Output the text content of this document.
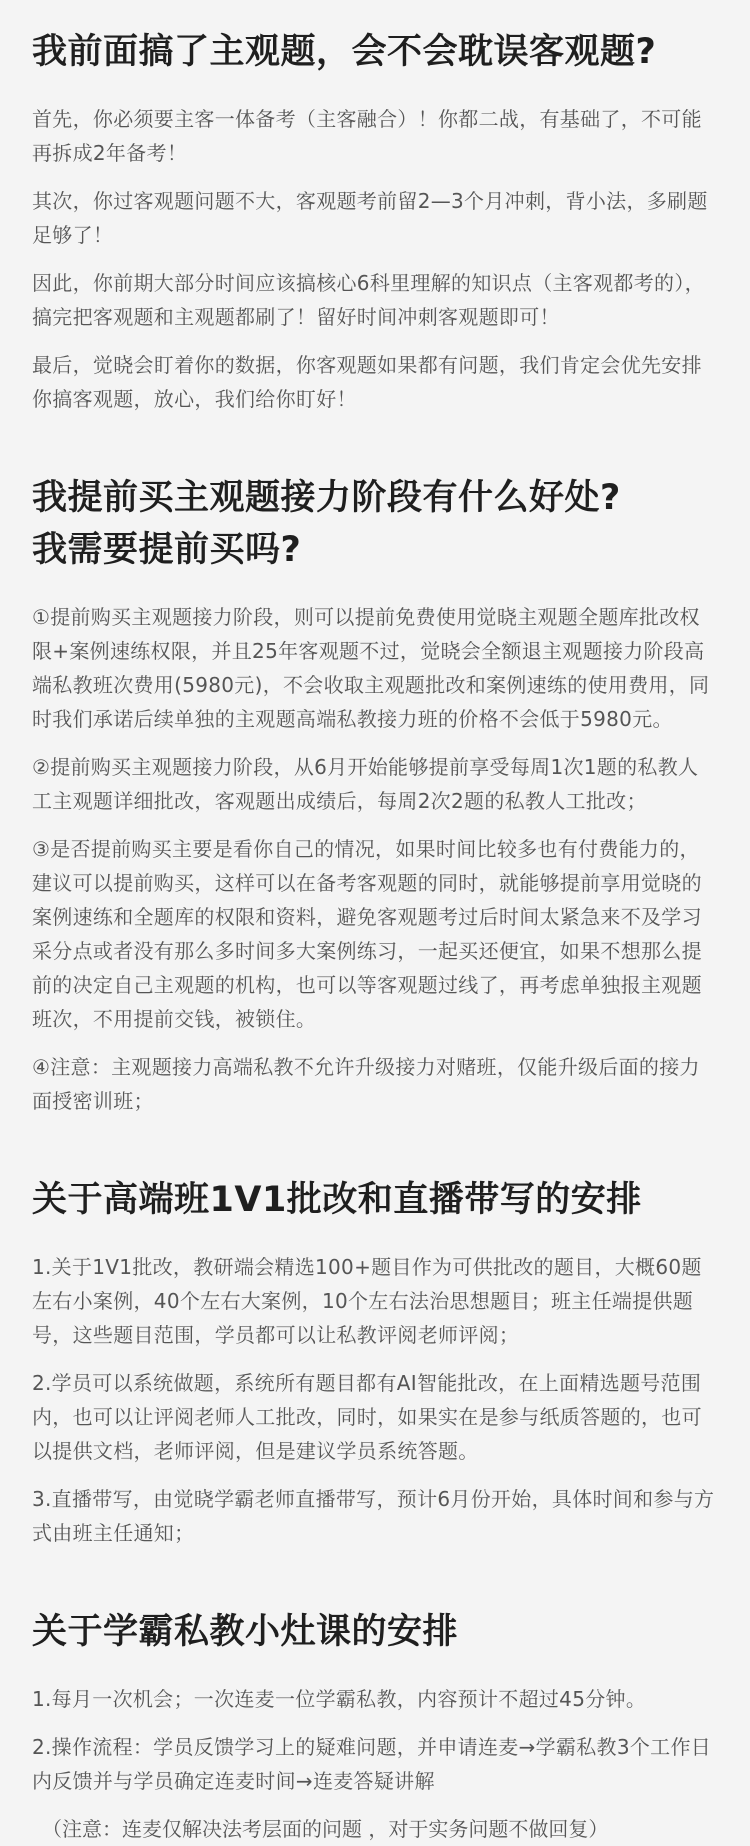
我前面搞了主观题，会不会耽误客观题?

首先，你必须要主客一体备考（主客融合）！你都二战，有基础了，不可能再拆成2年备考！

其次，你过客观题问题不大，客观题考前留2—3个月冲刺，背小法，多刷题足够了！

因此，你前期大部分时间应该搞核心6科里理解的知识点（主客观都考的），搞完把客观题和主观题都刷了！留好时间冲刺客观题即可！

最后，觉晓会盯着你的数据，你客观题如果都有问题，我们肯定会优先安排你搞客观题，放心，我们给你盯好！

我提前买主观题接力阶段有什么好处?
我需要提前买吗?

①提前购买主观题接力阶段，则可以提前免费使用觉晓主观题全题库批改权限+案例速练权限，并且25年客观题不过，觉晓会全额退主观题接力阶段高端私教班次费用(5980元)，不会收取主观题批改和案例速练的使用费用，同时我们承诺后续单独的主观题高端私教接力班的价格不会低于5980元。

②提前购买主观题接力阶段，从6月开始能够提前享受每周1次1题的私教人工主观题详细批改，客观题出成绩后，每周2次2题的私教人工批改；

③是否提前购买主要是看你自己的情况，如果时间比较多也有付费能力的，建议可以提前购买，这样可以在备考客观题的同时，就能够提前享用觉晓的案例速练和全题库的权限和资料，避免客观题考过后时间太紧急来不及学习采分点或者没有那么多时间多大案例练习，一起买还便宜，如果不想那么提前的决定自己主观题的机构，也可以等客观题过线了，再考虑单独报主观题班次，不用提前交钱，被锁住。

④注意：主观题接力高端私教不允许升级接力对赌班，仅能升级后面的接力面授密训班；

关于高端班1V1批改和直播带写的安排

1.关于1V1批改，教研端会精选100+题目作为可供批改的题目，大概60题左右小案例，40个左右大案例，10个左右法治思想题目；班主任端提供题号，这些题目范围，学员都可以让私教评阅老师评阅；

2.学员可以系统做题，系统所有题目都有AI智能批改，在上面精选题号范围内，也可以让评阅老师人工批改，同时，如果实在是参与纸质答题的，也可以提供文档，老师评阅，但是建议学员系统答题。

3.直播带写，由觉晓学霸老师直播带写，预计6月份开始，具体时间和参与方式由班主任通知；

关于学霸私教小灶课的安排

1.每月一次机会；一次连麦一位学霸私教，内容预计不超过45分钟。

2.操作流程：学员反馈学习上的疑难问题，并申请连麦→学霸私教3个工作日内反馈并与学员确定连麦时间→连麦答疑讲解

（注意：连麦仅解决法考层面的问题 ，对于实务问题不做回复）
